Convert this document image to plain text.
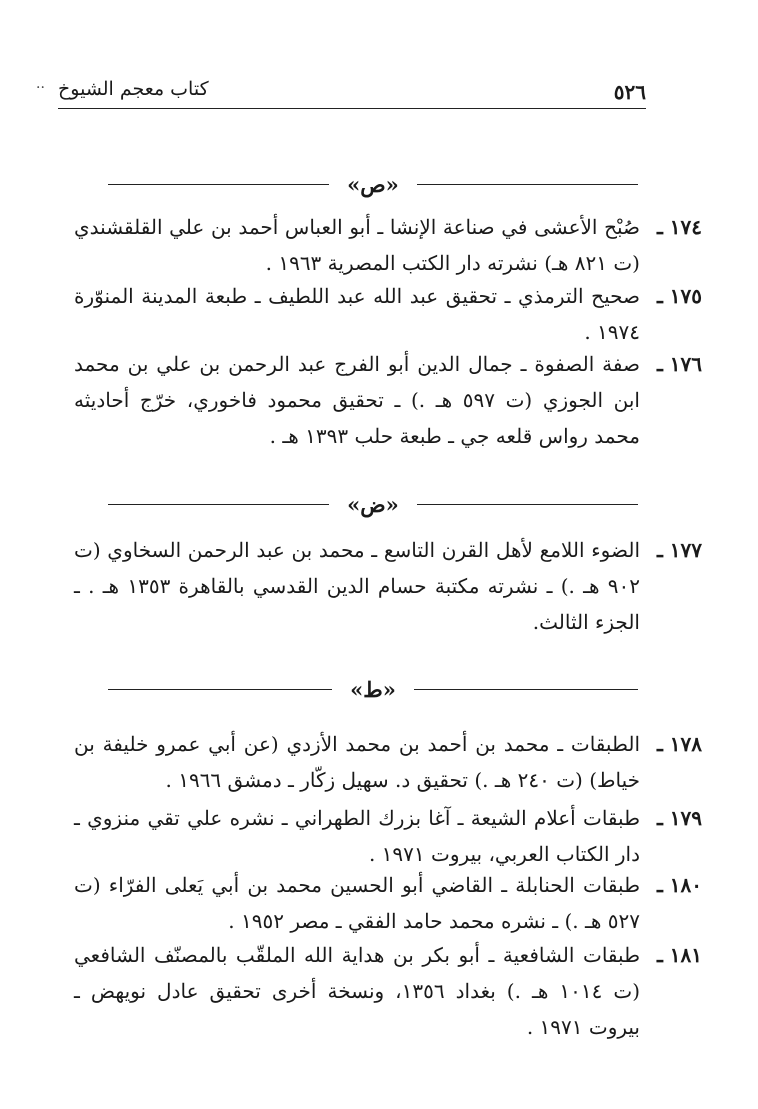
··	٥٢٦
كتاب معجم الشيوخ
«ص»
١٧٤ ـ
صُبْح الأعشى في صناعة الإنشا ـ أبو العباس أحمد بن علي القلقشندي (ت ٨٢١ هـ) نشرته دار الكتب المصرية ١٩٦٣ .
١٧٥ ـ
صحيح الترمذي ـ تحقيق عبد الله عبد اللطيف ـ طبعة المدينة المنوّرة ١٩٧٤ .
١٧٦ ـ
صفة الصفوة ـ جمال الدين أبو الفرج عبد الرحمن بن علي بن محمد ابن الجوزي (ت ٥٩٧ هـ .) ـ تحقيق محمود فاخوري، خرّج أحاديثه محمد رواس قلعه جي ـ طبعة حلب ١٣٩٣ هـ .
«ض»
١٧٧ ـ
الضوء اللامع لأهل القرن التاسع ـ محمد بن عبد الرحمن السخاوي (ت ٩٠٢ هـ .) ـ نشرته مكتبة حسام الدين القدسي بالقاهرة ١٣٥٣ هـ . ـ الجزء الثالث.
«ط»
١٧٨ ـ
الطبقات ـ محمد بن أحمد بن محمد الأزدي (عن أبي عمرو خليفة بن خياط) (ت ٢٤٠ هـ .) تحقيق د. سهيل زكّار ـ دمشق ١٩٦٦ .
١٧٩ ـ
طبقات أعلام الشيعة ـ آغا بزرك الطهراني ـ نشره علي تقي منزوي ـ دار الكتاب العربي، بيروت ١٩٧١ .
١٨٠ ـ
طبقات الحنابلة ـ القاضي أبو الحسين محمد بن أبي يَعلى الفرّاء (ت ٥٢٧ هـ .) ـ نشره محمد حامد الفقي ـ مصر ١٩٥٢ .
١٨١ ـ
طبقات الشافعية ـ أبو بكر بن هداية الله الملقّب بالمصنّف الشافعي (ت ١٠١٤ هـ .) بغداد ١٣٥٦، ونسخة أخرى تحقيق عادل نويهض ـ بيروت ١٩٧١ .
